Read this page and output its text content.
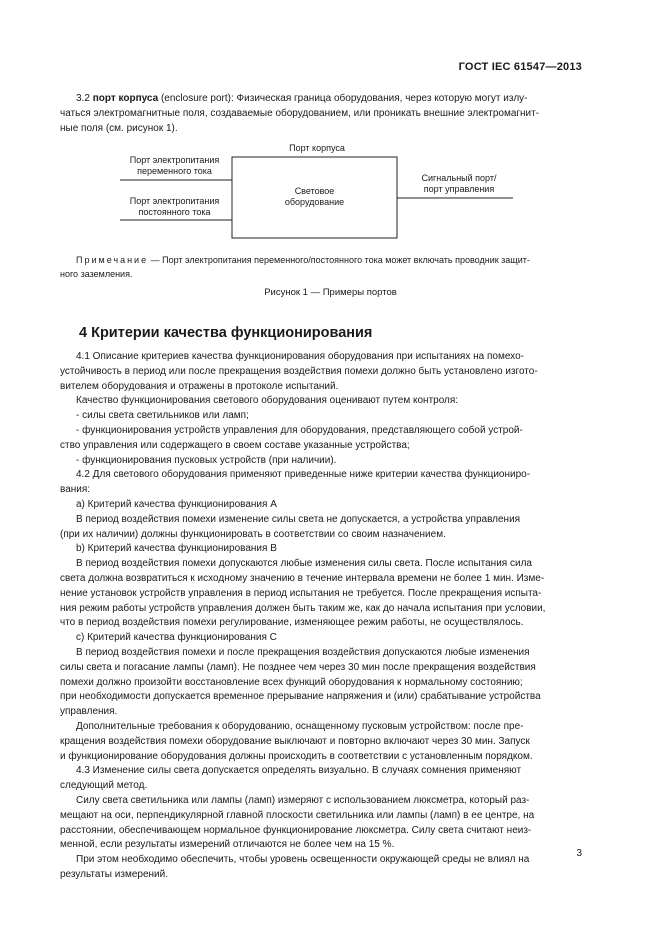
ГОСТ IEC 61547—2013
3.2 порт корпуса (enclosure port): Физическая граница оборудования, через которую могут излу-
чаться электромагнитные поля, создаваемые оборудованием, или проникать внешние электромагнит-
ные поля (см. рисунок 1).
Порт корпуса
Порт электропитания
переменного тока
Порт электропитания
постоянного тока
Световое
оборудование
Сигнальный порт/
порт управления
Примечание — Порт электропитания переменного/постоянного тока может включать проводник защит-
ного заземления.
Рисунок 1 — Примеры портов
4 Критерии качества функционирования
4.1 Описание критериев качества функционирования оборудования при испытаниях на помехо-
устойчивость в период или после прекращения воздействия помехи должно быть установлено изгото-
вителем оборудования и отражены в протоколе испытаний.
Качество функционирования светового оборудования оценивают путем контроля:
- силы света светильников или ламп;
- функционирования устройств управления для оборудования, представляющего собой устрой-
ство управления или содержащего в своем составе указанные устройства;
- функционирования пусковых устройств (при наличии).
4.2 Для светового оборудования применяют приведенные ниже критерии качества функциониро-
вания:
а) Критерий качества функционирования А
В период воздействия помехи изменение силы света не допускается, а устройства управления
(при их наличии) должны функционировать в соответствии со своим назначением.
b) Критерий качества функционирования В
В период воздействия помехи допускаются любые изменения силы света. После испытания сила
света должна возвратиться к исходному значению в течение интервала времени не более 1 мин. Изме-
нение установок устройств управления в период испытания не требуется. После прекращения испыта-
ния режим работы устройств управления должен быть таким же, как до начала испытания при условии,
что в период воздействия помехи регулирование, изменяющее режим работы, не осуществлялось.
с) Критерий качества функционирования С
В период воздействия помехи и после прекращения воздействия допускаются любые изменения
силы света и погасание лампы (ламп). Не позднее чем через 30 мин после прекращения воздействия
помехи должно произойти восстановление всех функций оборудования к нормальному состоянию;
при необходимости допускается временное прерывание напряжения и (или) срабатывание устройства
управления.
Дополнительные требования к оборудованию, оснащенному пусковым устройством: после пре-
кращения воздействия помехи оборудование выключают и повторно включают через 30 мин. Запуск
и функционирование оборудования должны происходить в соответствии с установленным порядком.
4.3 Изменение силы света допускается определять визуально. В случаях сомнения применяют
следующий метод.
Силу света светильника или лампы (ламп) измеряют с использованием люксметра, который раз-
мещают на оси, перпендикулярной главной плоскости светильника или лампы (ламп) в ее центре, на
расстоянии, обеспечивающем нормальное функционирование люксметра. Силу света считают неиз-
менной, если результаты измерений отличаются не более чем на 15 %.
При этом необходимо обеспечить, чтобы уровень освещенности окружающей среды не влиял на
результаты измерений.
3
